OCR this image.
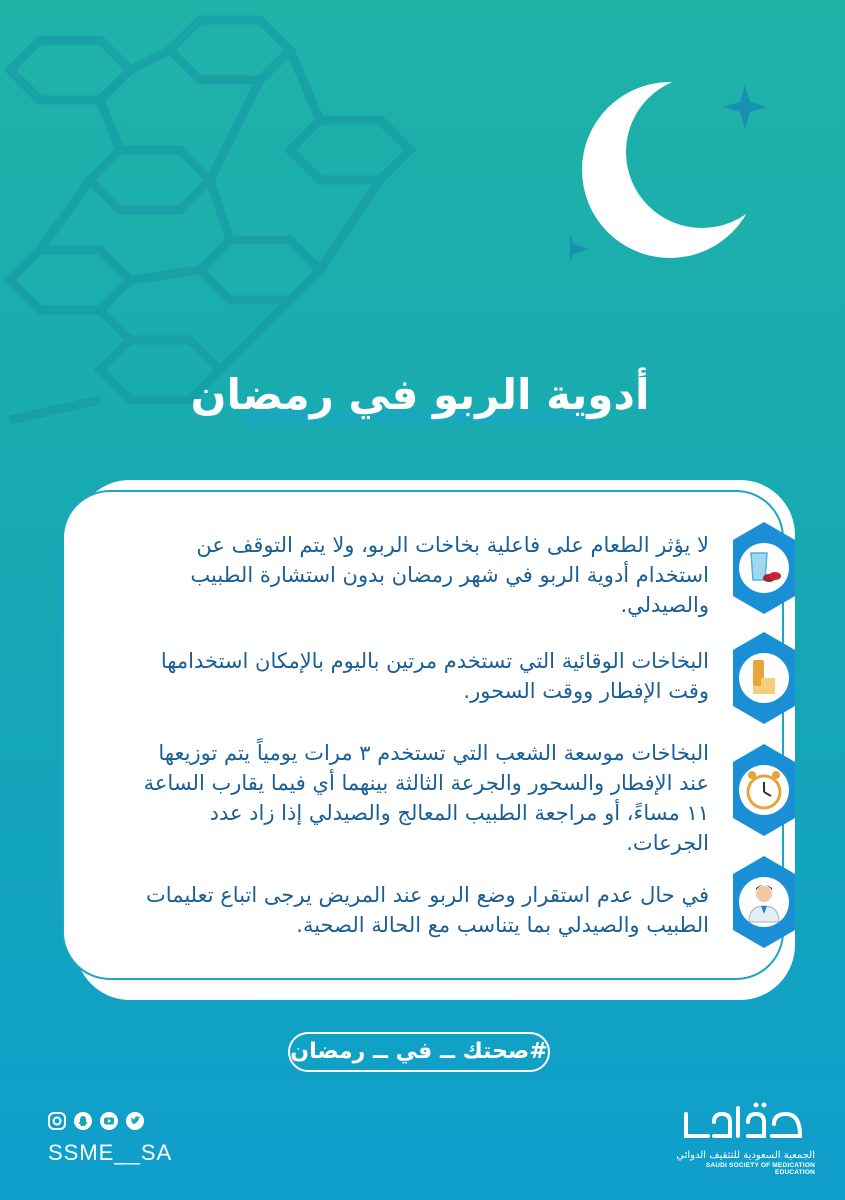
أدوية الربو في رمضان
لا يؤثر الطعام على فاعلية بخاخات الربو، ولا يتم التوقف عن استخدام أدوية الربو في شهر رمضان بدون استشارة الطبيب والصيدلي.
البخاخات الوقائية التي تستخدم مرتين باليوم بالإمكان استخدامها وقت الإفطار ووقت السحور.
البخاخات موسعة الشعب التي تستخدم ٣ مرات يومياً يتم توزيعها عند الإفطار والسحور والجرعة الثالثة بينهما أي فيما يقارب الساعة ١١ مساءً، أو مراجعة الطبيب المعالج والصيدلي إذا زاد عدد الجرعات.
في حال عدم استقرار وضع الربو عند المريض يرجى اتباع تعليمات الطبيب والصيدلي بما يتناسب مع الحالة الصحية.
#صحتك ــ في ــ رمضان
SSME__SA	الجمعية السعودية للتثقيف الدوائي
SAUDI SOCIETY OF MEDICATION EDUCATION
